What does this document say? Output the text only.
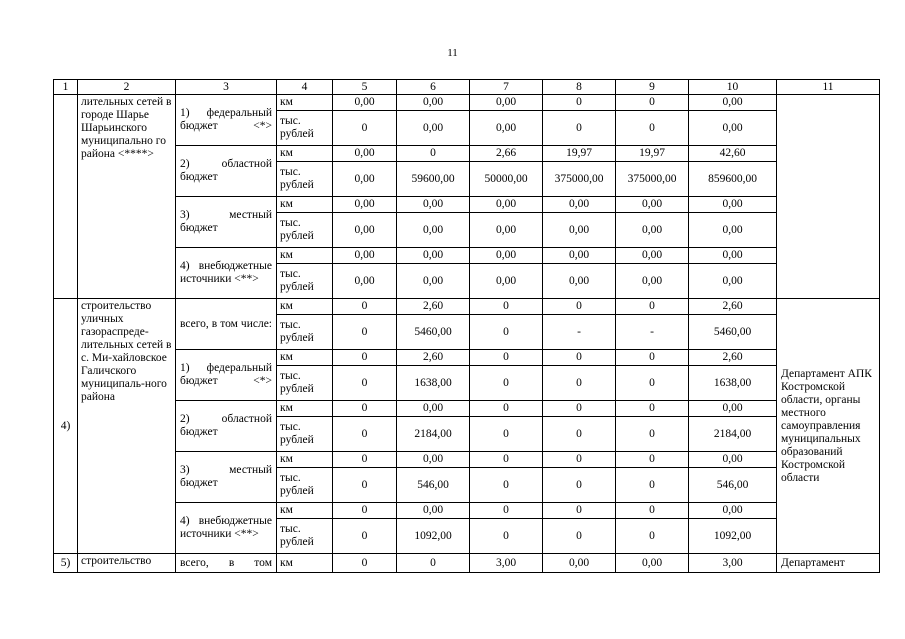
11
1	2	3	4	5	6	7	8	9	10	11
	лительных сетей в городе Шарье Шарьинского муниципально го района <****>	1) федеральный бюджет <*>	км	0,00	0,00	0,00	0	0	0,00	
			тыс. рублей	0	0,00	0,00	0	0	0,00	
		2) областной бюджет	км	0,00	0	2,66	19,97	19,97	42,60	
			тыс. рублей	0,00	59600,00	50000,00	375000,00	375000,00	859600,00	
		3) местный бюджет	км	0,00	0,00	0,00	0,00	0,00	0,00	
			тыс. рублей	0,00	0,00	0,00	0,00	0,00	0,00	
		4) внебюджетные источники <**>	км	0,00	0,00	0,00	0,00	0,00	0,00	
			тыс. рублей	0,00	0,00	0,00	0,00	0,00	0,00	
4)	строительство уличных газораспреде-лительных сетей в с. Ми-хайловское Галичского муниципаль-ного района	всего, в том числе:	км	0	2,60	0	0	0	2,60	Департамент АПК Костромской области, органы местного самоуправления муниципальных образований Костромской области
			тыс. рублей	0	5460,00	0	-	-	5460,00	
		1) федеральный бюджет <*>	км	0	2,60	0	0	0	2,60	
			тыс. рублей	0	1638,00	0	0	0	1638,00	
		2) областной бюджет	км	0	0,00	0	0	0	0,00	
			тыс. рублей	0	2184,00	0	0	0	2184,00	
		3) местный бюджет	км	0	0,00	0	0	0	0,00	
			тыс. рублей	0	546,00	0	0	0	546,00	
		4) внебюджетные источники <**>	км	0	0,00	0	0	0	0,00	
			тыс. рублей	0	1092,00	0	0	0	1092,00	
5)	строительство	всего, в том	км	0	0	3,00	0,00	0,00	3,00	Департамент
